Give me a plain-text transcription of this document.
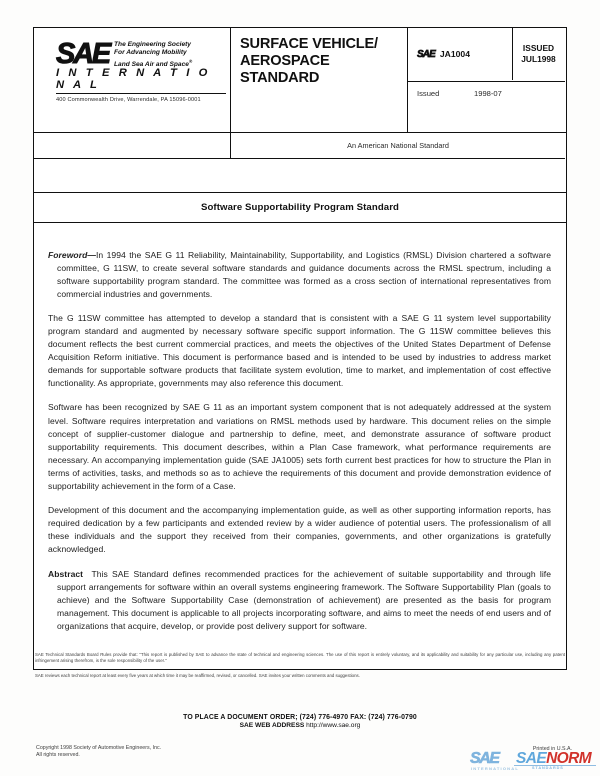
SAE The Engineering Society
For Advancing Mobility
Land Sea Air and Space®
I N T E R N A T I O N A L
400 Commonwealth Drive, Warrendale, PA 15096-0001
SURFACE VEHICLE/ AEROSPACE STANDARD
SAE JA1004
ISSUED
JUL1998
Issued	1998-07
An American National Standard
Software Supportability Program Standard

Foreword—In 1994 the SAE G 11 Reliability, Maintainability, Supportability, and Logistics (RMSL) Division chartered a software committee, G 11SW, to create several software standards and guidance documents across the RMSL spectrum, including a software supportability program standard. The committee was formed as a cross section of international representatives from commercial industries and governments.

The G 11SW committee has attempted to develop a standard that is consistent with a SAE G 11 system level supportability program standard and augmented by necessary software specific support information. The G 11SW committee believes this document reflects the best current commercial practices, and meets the objectives of the United States Department of Defense Acquisition Reform initiative. This document is performance based and is intended to be used by industries to address market demands for supportable software products that facilitate system evolution, time to market, and implementation of cost effective functionality. As appropriate, governments may also reference this document.

Software has been recognized by SAE G 11 as an important system component that is not adequately addressed at the system level. Software requires interpretation and variations on RMSL methods used by hardware. This document relies on the simple concept of supplier-customer dialogue and partnership to define, meet, and demonstrate assurance of software product supportability requirements. This document describes, within a Plan Case framework, what performance requirements are necessary. An accompanying implementation guide (SAE JA1005) sets forth current best practices for how to structure the Plan in terms of activities, tasks, and methods so as to achieve the requirements of this document and provide demonstration evidence of supportability achievement in the form of a Case.

Development of this document and the accompanying implementation guide, as well as other supporting information reports, has required dedication by a few participants and extended review by a wider audience of potential users. The professionalism of all these individuals and the support they received from their companies, governments, and other organizations is gratefully acknowledged.

Abstract This SAE Standard defines recommended practices for the achievement of suitable supportability and through life support arrangements for software within an overall systems engineering framework. The Software Supportability Plan (goals to achieve) and the Software Supportability Case (demonstration of achievement) are presented as the basis for program management. This document is applicable to all projects incorporating software, and aims to meet the needs of end users and of organizations that acquire, develop, or provide post delivery support for software.

SAE Technical Standards Board Rules provide that: "This report is published by SAE to advance the state of technical and engineering sciences. The use of this report is entirely voluntary, and its applicability and suitability for any particular use, including any patent infringement arising therefrom, is the sole responsibility of the user."
SAE reviews each technical report at least every five years at which time it may be reaffirmed, revised, or cancelled. SAE invites your written comments and suggestions.
TO PLACE A DOCUMENT ORDER; (724) 776-4970 FAX: (724) 776-0790
SAE WEB ADDRESS http://www.sae.org
Copyright 1998 Society of Automotive Engineers, Inc.
All rights reserved.
Printed in U.S.A.
SAE
INTERNATIONAL
SAENORM
STANDARDS
